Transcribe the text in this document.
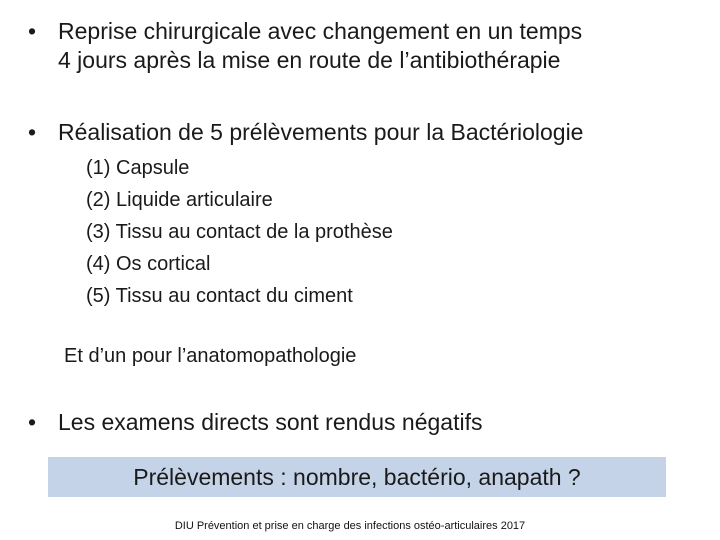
•
Reprise chirurgicale avec changement en un temps
4 jours après la mise en route de l’antibiothérapie
•
Réalisation de 5 prélèvements pour la Bactériologie
(1) Capsule
(2) Liquide articulaire
(3) Tissu au contact de la prothèse
(4) Os cortical
(5) Tissu au contact du ciment
Et d’un pour l’anatomopathologie
•
Les examens directs sont rendus négatifs
Prélèvements : nombre, bactério, anapath ?
DIU Prévention et prise en charge des infections ostéo-articulaires 2017
